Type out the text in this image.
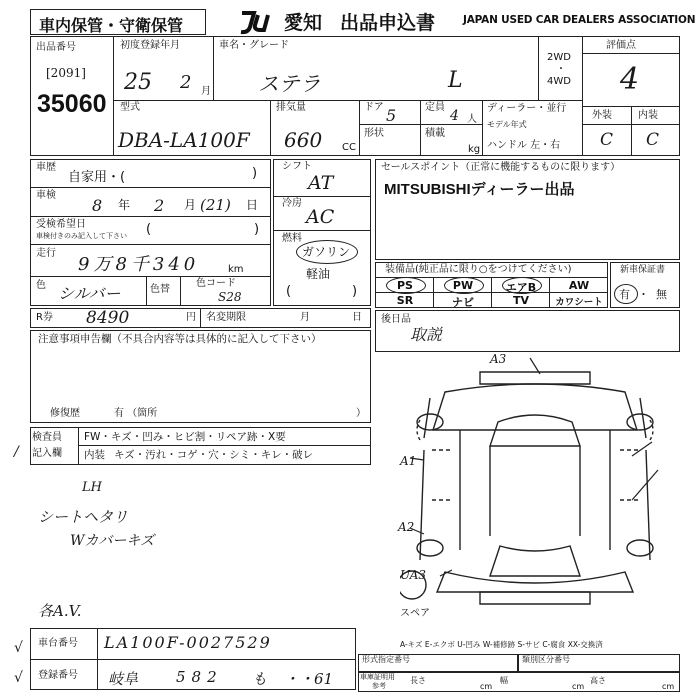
車内保管・守衛保管	愛知 出品申込書	JAPAN USED CAR DEALERS ASSOCIATION
出品番号
[2091]
35060
初度登録年月
25 2 月
車名・グレード
ステラ	L
2WD
・
4WD
評価点
4
外装	内装
C C
型式
DBA-LA100F
排気量
660 CC
ドア 5	定員
4 人
形状	積載
kg
ディーラー・並行
モデル年式
ハンドル 左・右
車歴
自家用・(	)
車検
8 年 2 月 (21) 日
受検希望日
車検付きのみ記入して下さい (	)
走行
9万8千340	km
色 シルバー	色替
色コード
S28
シフト
AT
冷房
AC
燃料
ガソリン
軽油
(	)
セールスポイント（正常に機能するものに限ります）
MITSUBISHIディーラー出品
装備品(純正品に限り○をつけてください)
PS	PW	エアB	AW
SR	ナビ	TV	カワシート
新車保証書
有 ・ 無
R券 8490	円 名変期限	月	日 後日品
取説
注意事項申告欄（不具合内容等は具体的に記入して下さい）
修復歴	有 （箇所	）
検査員
記入欄
FW・キズ・凹み・ヒビ割・リペア跡・X要
内装 キズ・汚れ・コゲ・穴・シミ・キレ・破レ
LH
シートヘタリ
Wカバーキズ
各A.V.
A3
A1
A2
UA3
スペア
A-キズ E-エクボ U-凹み W-補修跡 S-サビ C-腐食 XX-交換済
車台番号 LA100F-0027529
登録番号 岐阜	582 も ・・61
形式指定番号	類別区分番号
車庫証明用
参考
長さ
cm
幅
cm
高さ
cm
/
√
√
